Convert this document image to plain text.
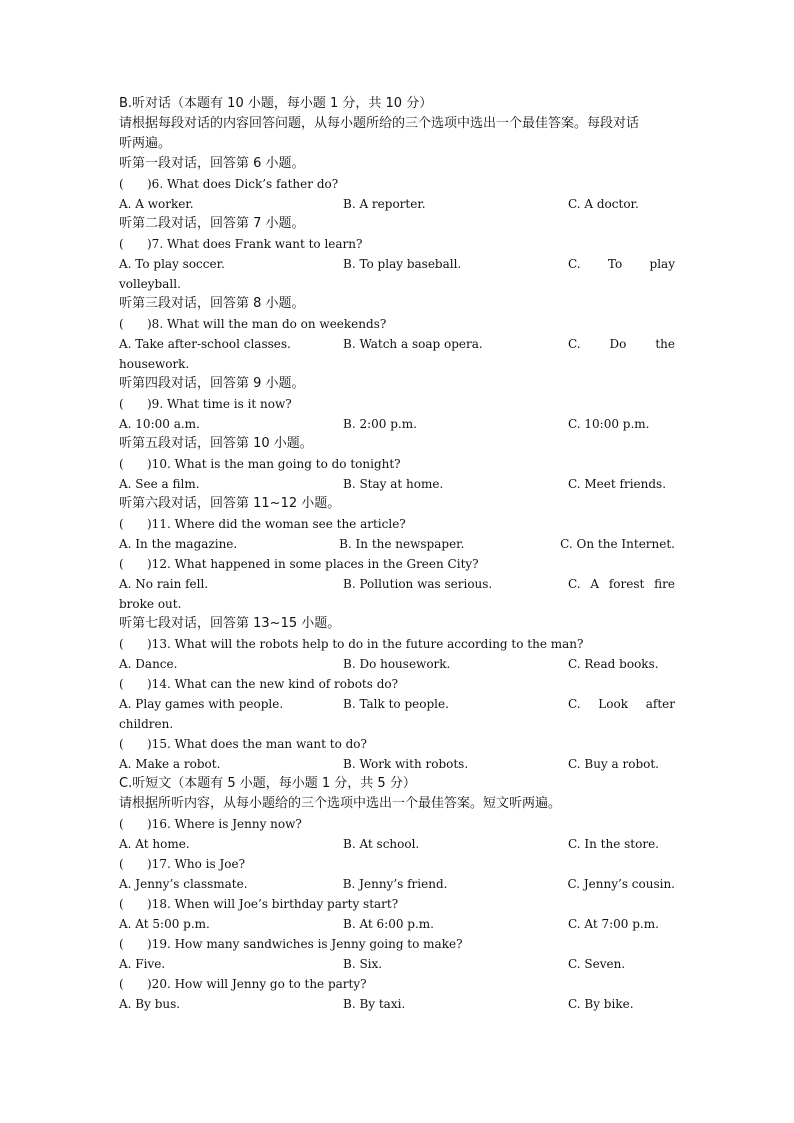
B.听对话（本题有 10 小题，每小题 1 分，共 10 分）
请根据每段对话的内容回答问题，从每小题所给的三个选项中选出一个最佳答案。每段对话
听两遍。
听第一段对话，回答第 6 小题。
( )6. What does Dick’s father do?
A. A worker.	B. A reporter.	C. A doctor.
听第二段对话，回答第 7 小题。
( )7. What does Frank want to learn?
A. To play soccer.	B. To play baseball.	C. To play
volleyball.
听第三段对话，回答第 8 小题。
( )8. What will the man do on weekends?
A. Take after-school classes.	B. Watch a soap opera.	C. Do the
housework.
听第四段对话，回答第 9 小题。
( )9. What time is it now?
A. 10:00 a.m.	B. 2:00 p.m.	C. 10:00 p.m.
听第五段对话，回答第 10 小题。
( )10. What is the man going to do tonight?
A. See a film.	B. Stay at home.	C. Meet friends.
听第六段对话，回答第 11~12 小题。
( )11. Where did the woman see the article?
A. In the magazine.	B. In the newspaper.	C. On the Internet.
( )12. What happened in some places in the Green City?
A. No rain fell.	B. Pollution was serious.	C. A forest fire
broke out.
听第七段对话，回答第 13~15 小题。
( )13. What will the robots help to do in the future according to the man?
A. Dance.	B. Do housework.	C. Read books.
( )14. What can the new kind of robots do?
A. Play games with people.	B. Talk to people.	C. Look after
children.
( )15. What does the man want to do?
A. Make a robot.	B. Work with robots.	C. Buy a robot.
C.听短文（本题有 5 小题，每小题 1 分，共 5 分）
请根据所听内容，从每小题给的三个选项中选出一个最佳答案。短文听两遍。
( )16. Where is Jenny now?
A. At home.	B. At school.	C. In the store.
( )17. Who is Joe?
A. Jenny’s classmate.	B. Jenny’s friend.	C. Jenny’s cousin.
( )18. When will Joe’s birthday party start?
A. At 5:00 p.m.	B. At 6:00 p.m.	C. At 7:00 p.m.
( )19. How many sandwiches is Jenny going to make?
A. Five.	B. Six.	C. Seven.
( )20. How will Jenny go to the party?
A. By bus.	B. By taxi.	C. By bike.
